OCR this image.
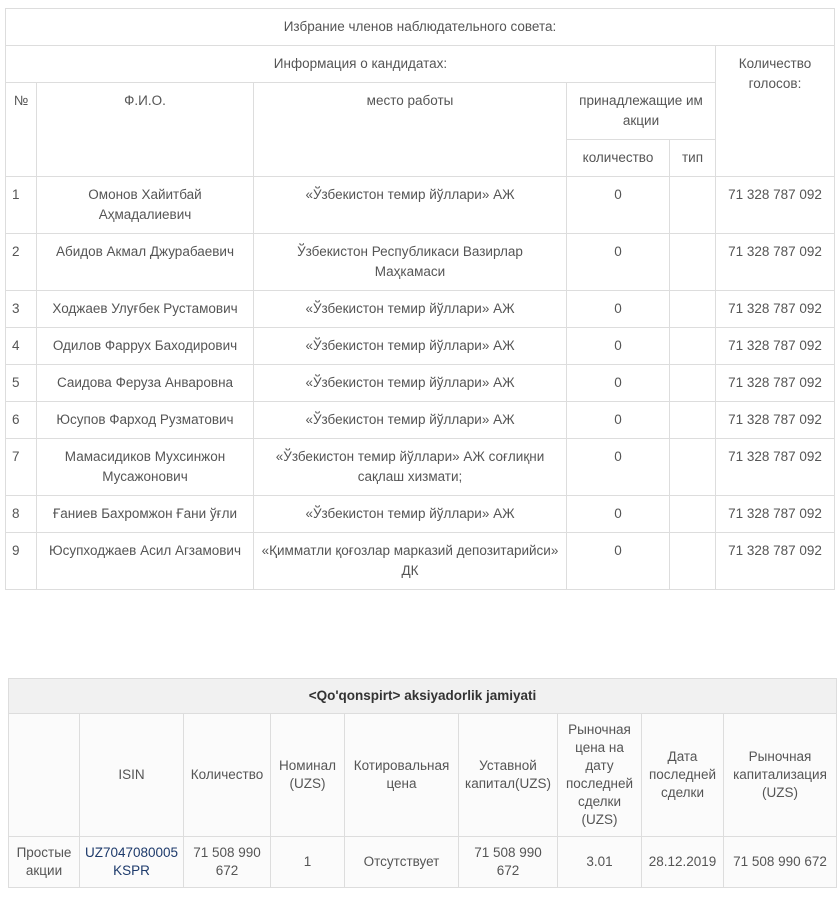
Избрание членов наблюдательного совета:					
Информация о кандидатах:					Количество голосов:
№	Ф.И.О.	место работы	принадлежащие им акции		
			количество	тип	
1	Омонов Хайитбай Аҳмадалиевич	«Ўзбекистон темир йўллари» АЖ	0		71 328 787 092
2	Абидов Акмал Джурабаевич	Ўзбекистон Республикаси Вазирлар Маҳкамаси	0		71 328 787 092
3	Ходжаев Улуғбек Рустамович	«Ўзбекистон темир йўллари» АЖ	0		71 328 787 092
4	Одилов Фаррух Баходирович	«Ўзбекистон темир йўллари» АЖ	0		71 328 787 092
5	Саидова Феруза Анваровна	«Ўзбекистон темир йўллари» АЖ	0		71 328 787 092
6	Юсупов Фарход Рузматович	«Ўзбекистон темир йўллари» АЖ	0		71 328 787 092
7	Мамасидиков Мухсинжон Мусажонович	«Ўзбекистон темир йўллари» АЖ соғлиқни сақлаш хизмати;	0		71 328 787 092
8	Ғаниев Бахромжон Ғани ўғли	«Ўзбекистон темир йўллари» АЖ	0		71 328 787 092
9	Юсупходжаев Асил Агзамович	«Қимматли қоғозлар марказий депозитарийси» ДК	0		71 328 787 092
<Qo'qonspirt> aksiyadorlik jamiyati								
	ISIN	Количество	Номинал (UZS)	Котировальная цена	Уставной капитал(UZS)	Рыночная цена на дату последней сделки (UZS)	Дата последней сделки	Рыночная капитализация (UZS)
Простые акции	UZ7047080005 KSPR	71 508 990 672	1	Отсутствует	71 508 990 672	3.01	28.12.2019	71 508 990 672
